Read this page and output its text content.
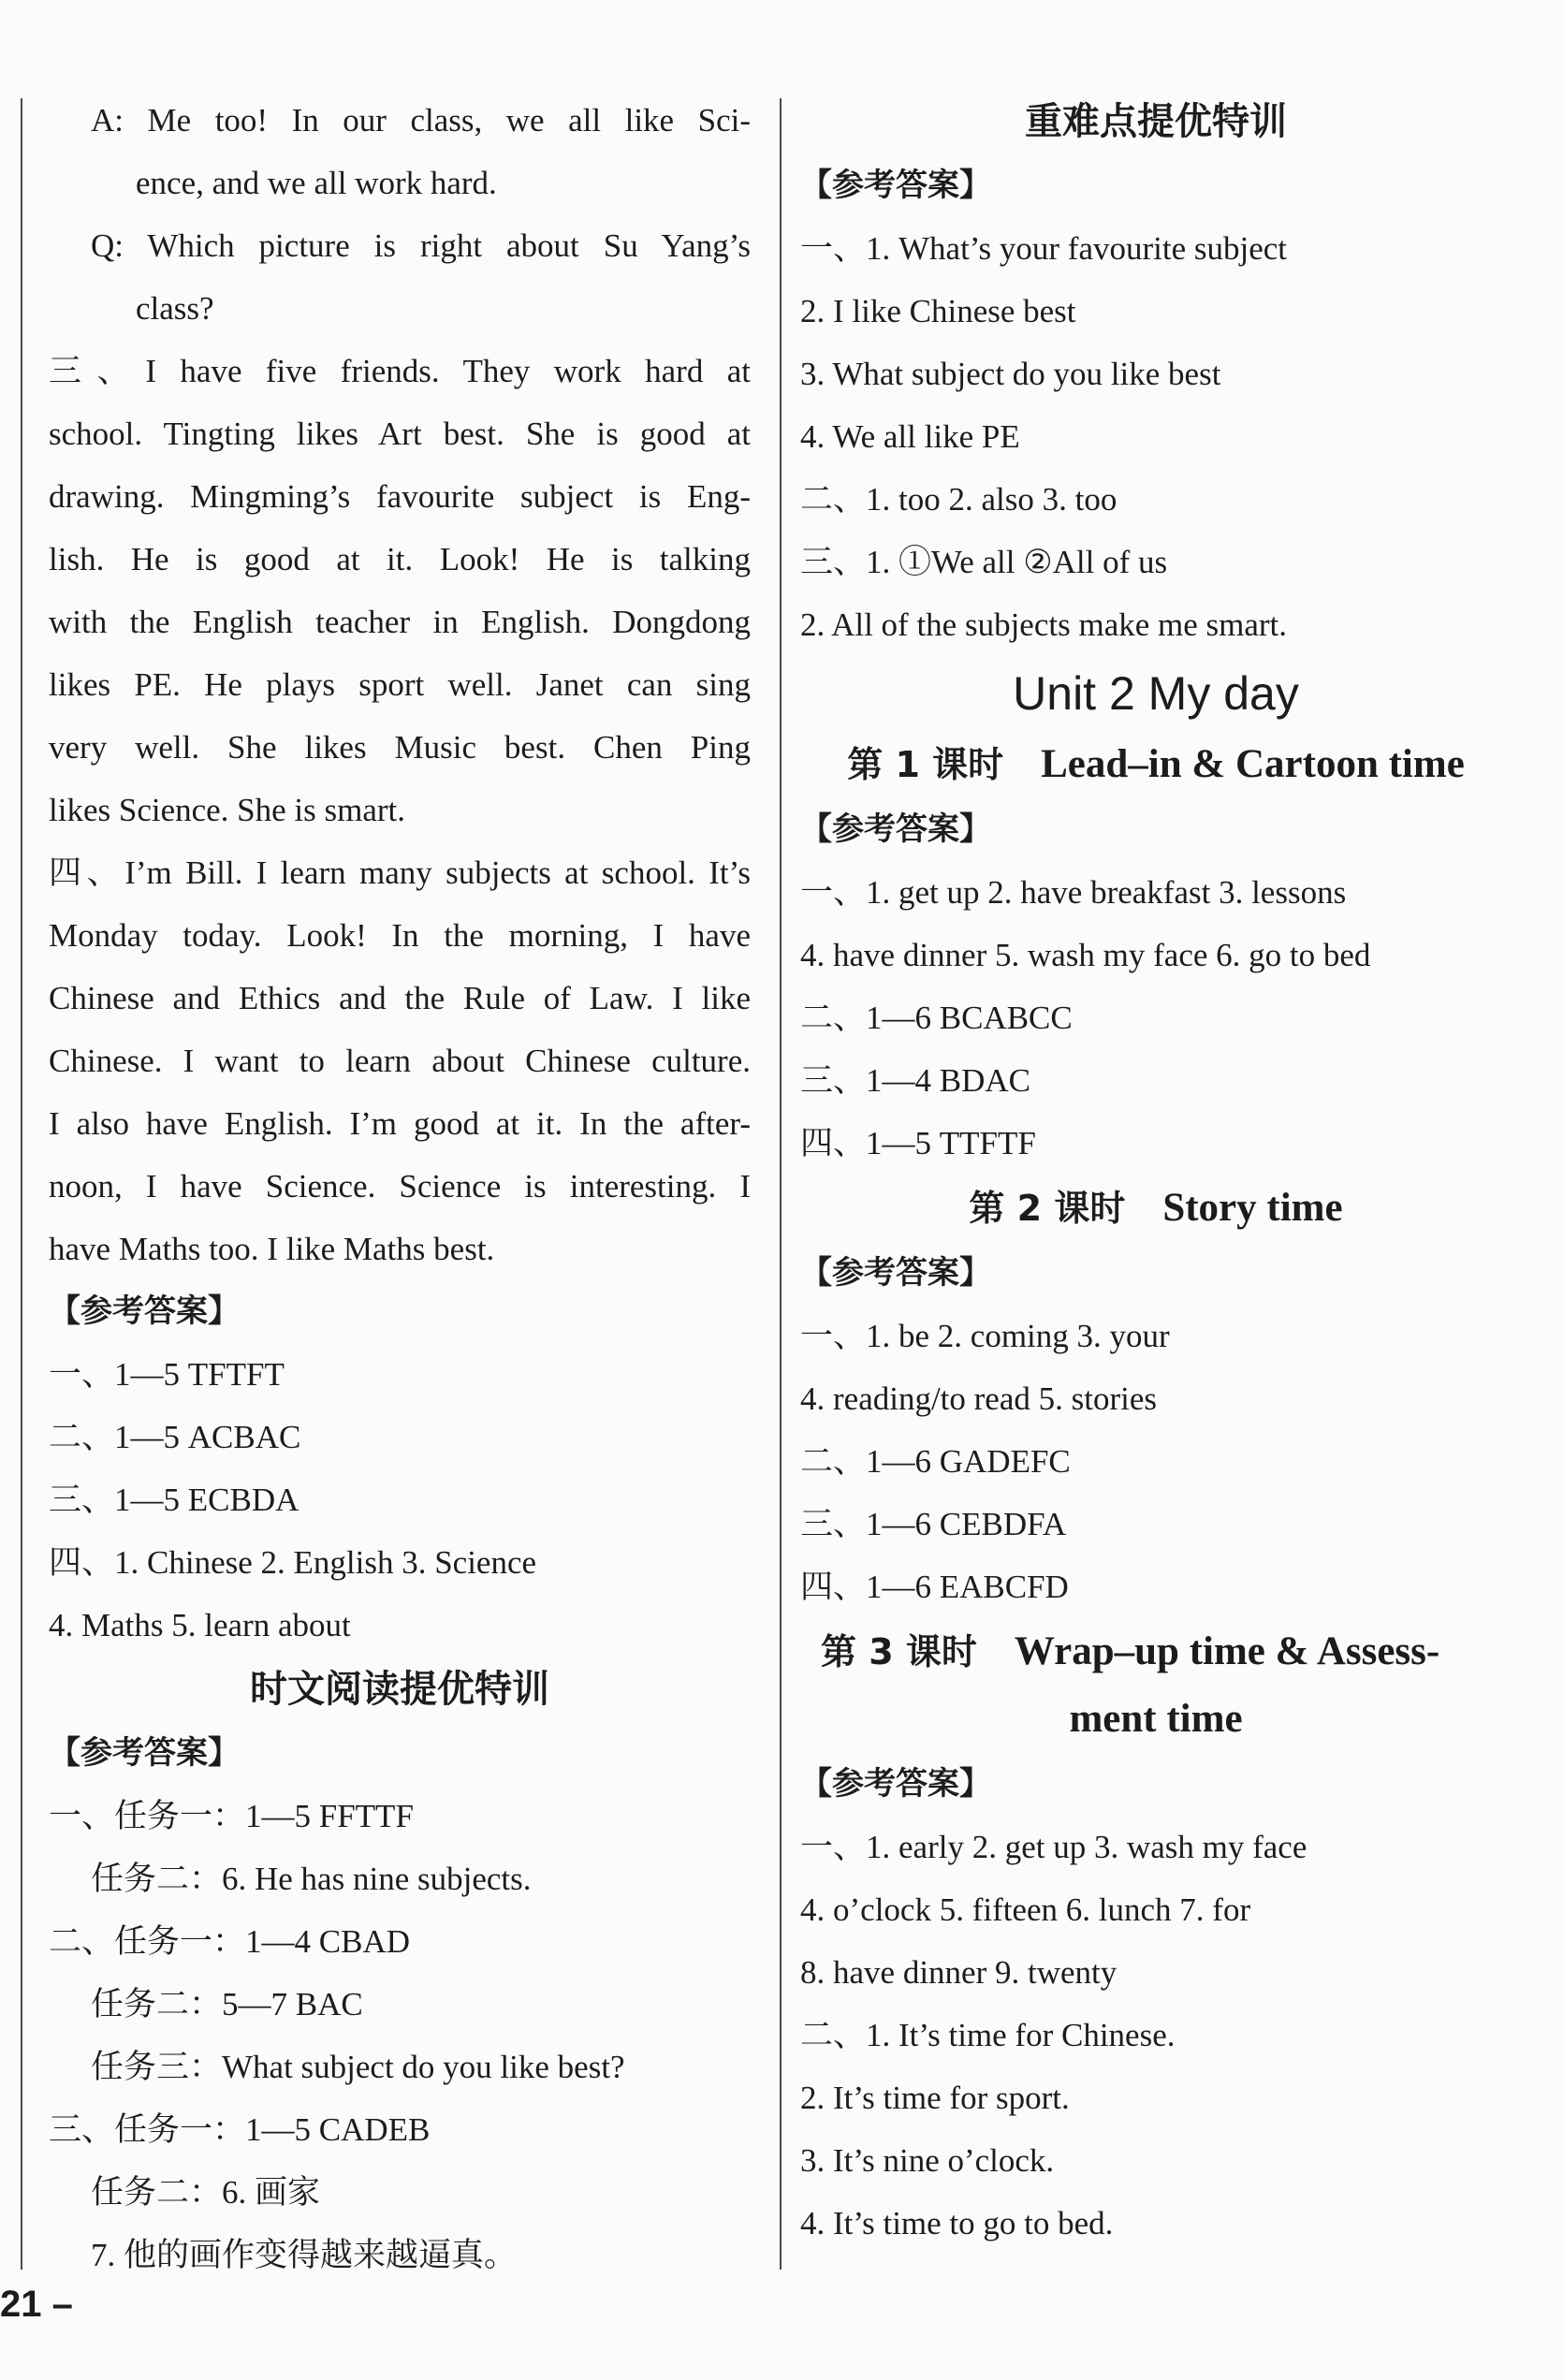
A: Me too! In our class, we all like Sci-
ence, and we all work hard.
Q: Which picture is right about Su Yang’s
class?
三、I have five friends. They work hard at
school. Tingting likes Art best. She is good at
drawing. Mingming’s favourite subject is Eng-
lish. He is good at it. Look! He is talking
with the English teacher in English. Dongdong
likes PE. He plays sport well. Janet can sing
very well. She likes Music best. Chen Ping
likes Science. She is smart.
四、I’m Bill. I learn many subjects at school. It’s
Monday today. Look! In the morning, I have
Chinese and Ethics and the Rule of Law. I like
Chinese. I want to learn about Chinese culture.
I also have English. I’m good at it. In the after-
noon, I have Science. Science is interesting. I
have Maths too. I like Maths best.
【参考答案】
一、1—5 TFTFT
二、1—5 ACBAC
三、1—5 ECBDA
四、1. Chinese 2. English 3. Science
4. Maths 5. learn about
时文阅读提优特训
【参考答案】
一、任务一：1—5 FFTTF
任务二：6. He has nine subjects.
二、任务一：1—4 CBAD
任务二：5—7 BAC
任务三：What subject do you like best?
三、任务一：1—5 CADEB
任务二：6. 画家
7. 他的画作变得越来越逼真。
重难点提优特训
【参考答案】
一、1. What’s your favourite subject
2. I like Chinese best
3. What subject do you like best
4. We all like PE
二、1. too 2. also 3. too
三、1. ①We all ②All of us
2. All of the subjects make me smart.
Unit 2 My day
第 1 课时 Lead–in & Cartoon time
【参考答案】
一、1. get up 2. have breakfast 3. lessons
4. have dinner 5. wash my face 6. go to bed
二、1—6 BCABCC
三、1—4 BDAC
四、1—5 TTFTF
第 2 课时 Story time
【参考答案】
一、1. be 2. coming 3. your
4. reading/to read 5. stories
二、1—6 GADEFC
三、1—6 CEBDFA
四、1—6 EABCFD
第 3 课时 Wrap–up time & Assess-
ment time
【参考答案】
一、1. early 2. get up 3. wash my face
4. o’clock 5. fifteen 6. lunch 7. for
8. have dinner 9. twenty
二、1. It’s time for Chinese.
2. It’s time for sport.
3. It’s nine o’clock.
4. It’s time to go to bed.
21 –
